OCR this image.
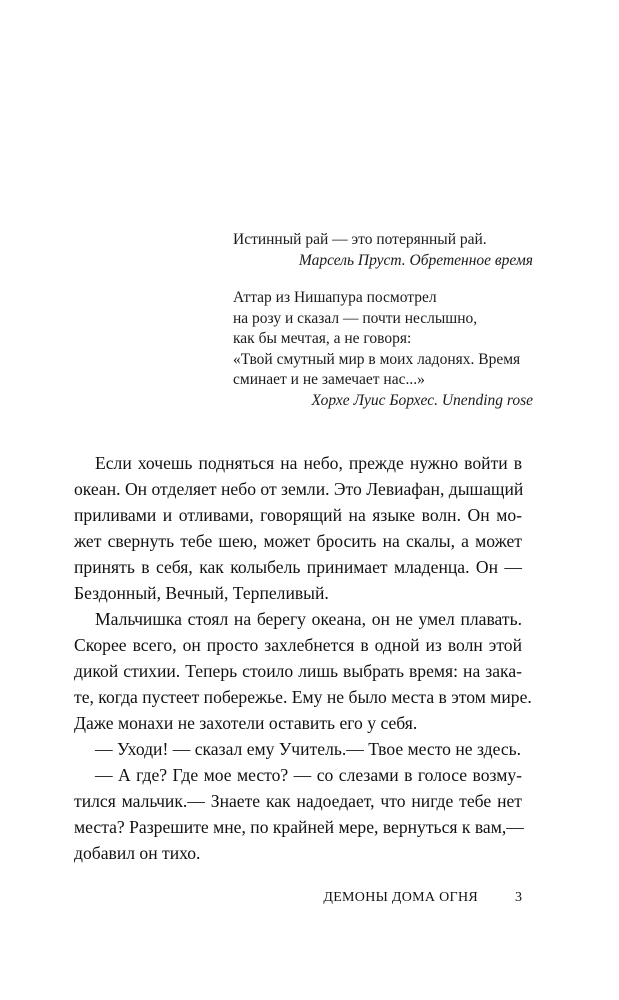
Истинный рай — это потерянный рай.
Марсель Пруст. Обретенное время
Аттар из Нишапура посмотрел
на розу и сказал — почти неслышно,
как бы мечтая, а не говоря:
«Твой смутный мир в моих ладонях. Время
сминает и не замечает нас...»
Хорхе Луис Борхес. Unending rose
Если хочешь подняться на небо, прежде нужно войти в
океан. Он отделяет небо от земли. Это Левиафан, дышащий
приливами и отливами, говорящий на языке волн. Он мо-
жет свернуть тебе шею, может бросить на скалы, а может
принять в себя, как колыбель принимает младенца. Он —
Бездонный, Вечный, Терпеливый.
Мальчишка стоял на берегу океана, он не умел плавать.
Скорее всего, он просто захлебнется в одной из волн этой
дикой стихии. Теперь стоило лишь выбрать время: на зака-
те, когда пустеет побережье. Ему не было места в этом мире.
Даже монахи не захотели оставить его у себя.
— Уходи! — сказал ему Учитель.— Твое место не здесь.
— А где? Где мое место? — со слезами в голосе возму-
тился мальчик.— Знаете как надоедает, что нигде тебе нет
места? Разрешите мне, по крайней мере, вернуться к вам,—
добавил он тихо.
ДЕМОНЫ ДОМА ОГНЯ	3
